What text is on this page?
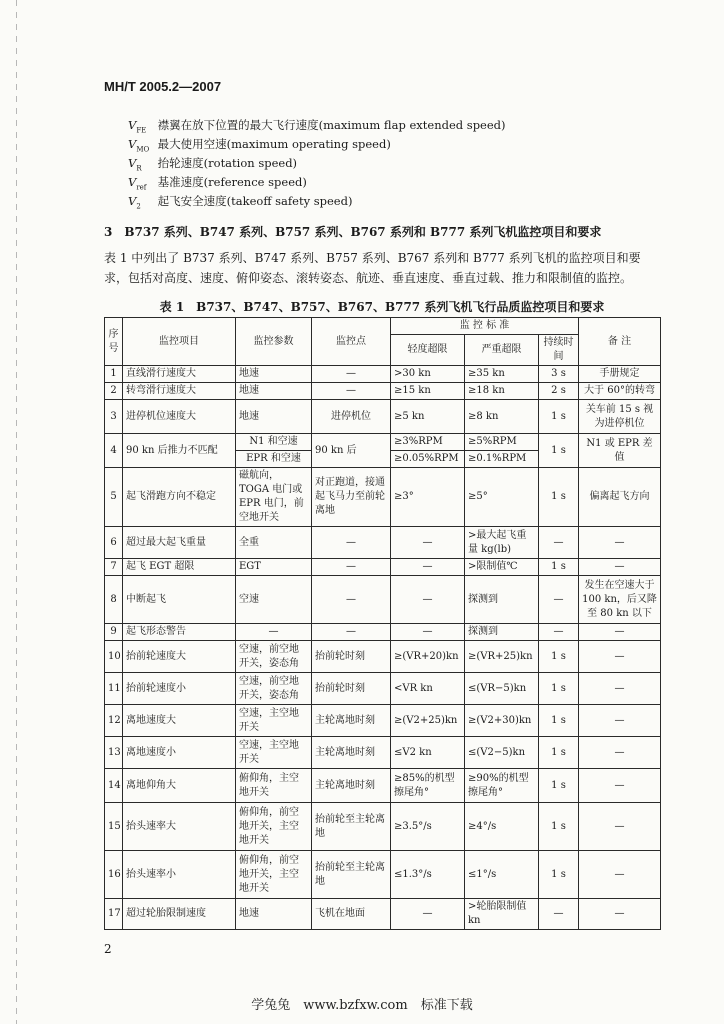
MH/T 2005.2—2007
$V_{FE}$ 襟翼在放下位置的最大飞行速度(maximum flap extended speed)
$V_{MO}$ 最大使用空速(maximum operating speed)
$V_R$ 抬轮速度(rotation speed)
$V_{ref}$ 基准速度(reference speed)
$V_2$ 起飞安全速度(takeoff safety speed)
3　B737 系列、B747 系列、B757 系列、B767 系列和 B777 系列飞机监控项目和要求
表 1 中列出了 B737 系列、B747 系列、B757 系列、B767 系列和 B777 系列飞机的监控项目和要求，包括对高度、速度、俯仰姿态、滚转姿态、航迹、垂直速度、垂直过载、推力和限制值的监控。
表 1　B737、B747、B757、B767、B777 系列飞机飞行品质监控项目和要求
序号	监控项目	监控参数	监控点	监 控 标 准			备 注
				轻度超限	严重超限	持续时间	
1	直线滑行速度大	地速	—	>30 kn	≥35 kn	3 s	手册规定
2	转弯滑行速度大	地速	—	≥15 kn	≥18 kn	2 s	大于 60°的转弯
3	进停机位速度大	地速	进停机位	≥5 kn	≥8 kn	1 s	关车前 15 s 视为进停机位
4	90 kn 后推力不匹配	N1 和空速	90 kn 后	≥3%RPM	≥5%RPM	1 s	N1 或 EPR 差值
		EPR 和空速		≥0.05%RPM	≥0.1%RPM		
5	起飞滑跑方向不稳定	磁航向，TOGA 电门或 EPR 电门，前空地开关	对正跑道，接通起飞马力至前轮离地	≥3°	≥5°	1 s	偏离起飞方向
6	超过最大起飞重量	全重	—	—	>最大起飞重量 kg(lb)	—	—
7	起飞 EGT 超限	EGT	—	—	>限制值℃	1 s	—
8	中断起飞	空速	—	—	探测到	—	发生在空速大于 100 kn，后又降至 80 kn 以下
9	起飞形态警告	—	—	—	探测到	—	—
10	抬前轮速度大	空速，前空地开关，姿态角	抬前轮时刻	≥(VR+20)kn	≥(VR+25)kn	1 s	—
11	抬前轮速度小	空速，前空地开关，姿态角	抬前轮时刻	<VR kn	≤(VR−5)kn	1 s	—
12	离地速度大	空速，主空地开关	主轮离地时刻	≥(V2+25)kn	≥(V2+30)kn	1 s	—
13	离地速度小	空速，主空地开关	主轮离地时刻	≤V2 kn	≤(V2−5)kn	1 s	—
14	离地仰角大	俯仰角，主空地开关	主轮离地时刻	≥85%的机型擦尾角°	≥90%的机型擦尾角°	1 s	—
15	抬头速率大	俯仰角，前空地开关，主空地开关	抬前轮至主轮离地	≥3.5°/s	≥4°/s	1 s	—
16	抬头速率小	俯仰角，前空地开关，主空地开关	抬前轮至主轮离地	≤1.3°/s	≤1°/s	1 s	—
17	超过轮胎限制速度	地速	飞机在地面	—	>轮胎限制值 kn	—	—
2
学兔兔　www.bzfxw.com　标准下载
